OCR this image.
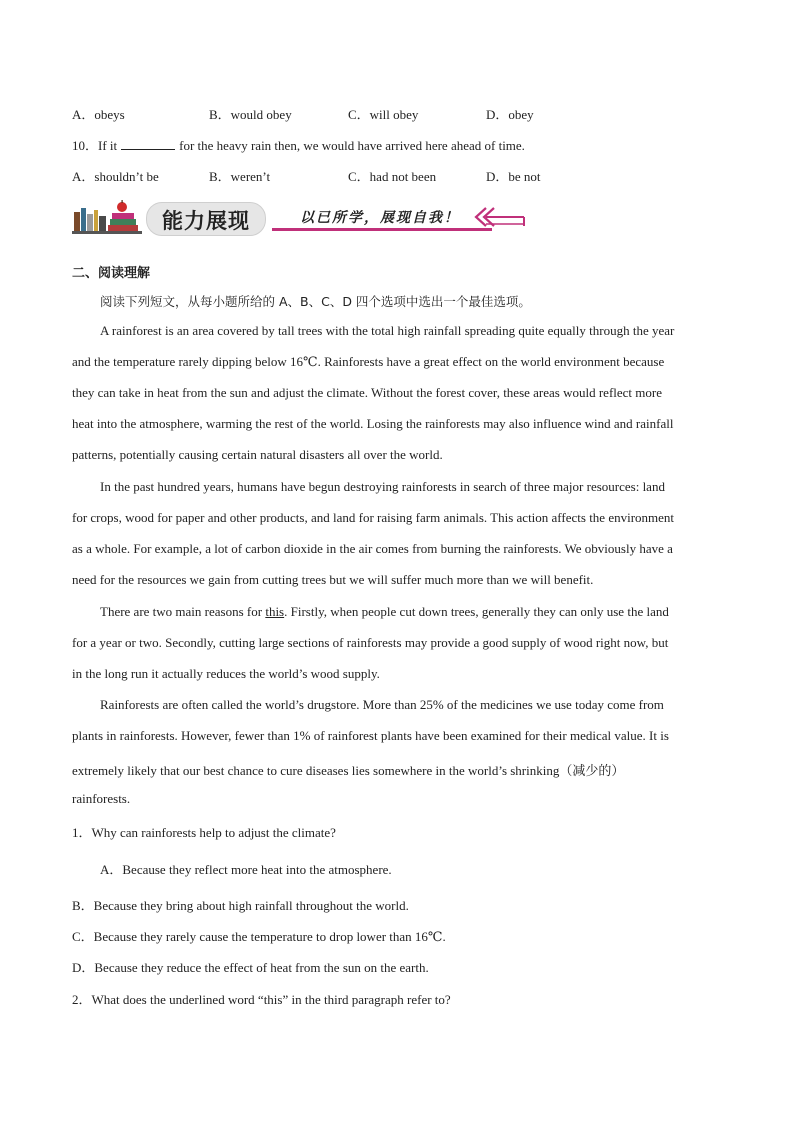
A．obeys	B．would obey	C．will obey	D．obey
10．If it	for the heavy rain then, we would have arrived here ahead of time.
A．shouldn’t be	B．weren’t	C．had not been	D．be not
能力展现	以已所学，展现自我！
二、阅读理解
阅读下列短文，从每小题所给的 A、B、C、D 四个选项中选出一个最佳选项。
A rainforest is an area covered by tall trees with the total high rainfall spreading quite equally through the year
and the temperature rarely dipping below 16℃. Rainforests have a great effect on the world environment because
they can take in heat from the sun and adjust the climate. Without the forest cover, these areas would reflect more
heat into the atmosphere, warming the rest of the world. Losing the rainforests may also influence wind and rainfall
patterns, potentially causing certain natural disasters all over the world.
In the past hundred years, humans have begun destroying rainforests in search of three major resources: land
for crops, wood for paper and other products, and land for raising farm animals. This action affects the environment
as a whole. For example, a lot of carbon dioxide in the air comes from burning the rainforests. We obviously have a
need for the resources we gain from cutting trees but we will suffer much more than we will benefit.
There are two main reasons for this. Firstly, when people cut down trees, generally they can only use the land
for a year or two. Secondly, cutting large sections of rainforests may provide a good supply of wood right now, but
in the long run it actually reduces the world’s wood supply.
Rainforests are often called the world’s drugstore. More than 25% of the medicines we use today come from
plants in rainforests. However, fewer than 1% of rainforest plants have been examined for their medical value. It is
extremely likely that our best chance to cure diseases lies somewhere in the world’s shrinking（减少的）
rainforests.
1．Why can rainforests help to adjust the climate?
A．Because they reflect more heat into the atmosphere.
B．Because they bring about high rainfall throughout the world.
C．Because they rarely cause the temperature to drop lower than 16℃.
D．Because they reduce the effect of heat from the sun on the earth.
2．What does the underlined word “this” in the third paragraph refer to?
